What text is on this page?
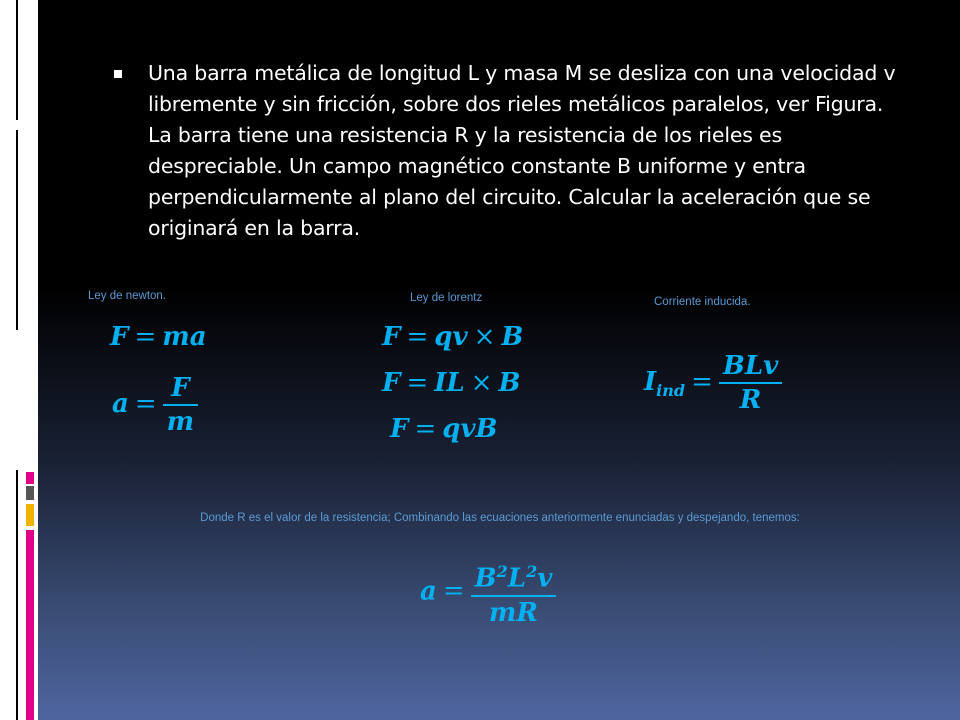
Una barra metálica de longitud L y masa M se desliza con una velocidad v libremente y sin fricción, sobre dos rieles metálicos paralelos, ver Figura. La barra tiene una resistencia R y la resistencia de los rieles es despreciable. Un campo magnético constante B uniforme y entra perpendicularmente al plano del circuito. Calcular la aceleración que se originará en la barra.
Ley de newton.	Ley de lorentz	Corriente inducida.
F = ma
$a = \frac{F}{m}$
F = qv × B
F = IL × B
F = qvB
$I_{ind} = \frac{\text{BLv}}{R}$
Donde R es el valor de la resistencia; Combinando las ecuaciones anteriormente enunciadas y despejando, tenemos:
$a = \frac{B^2L^2v}{mR}$
